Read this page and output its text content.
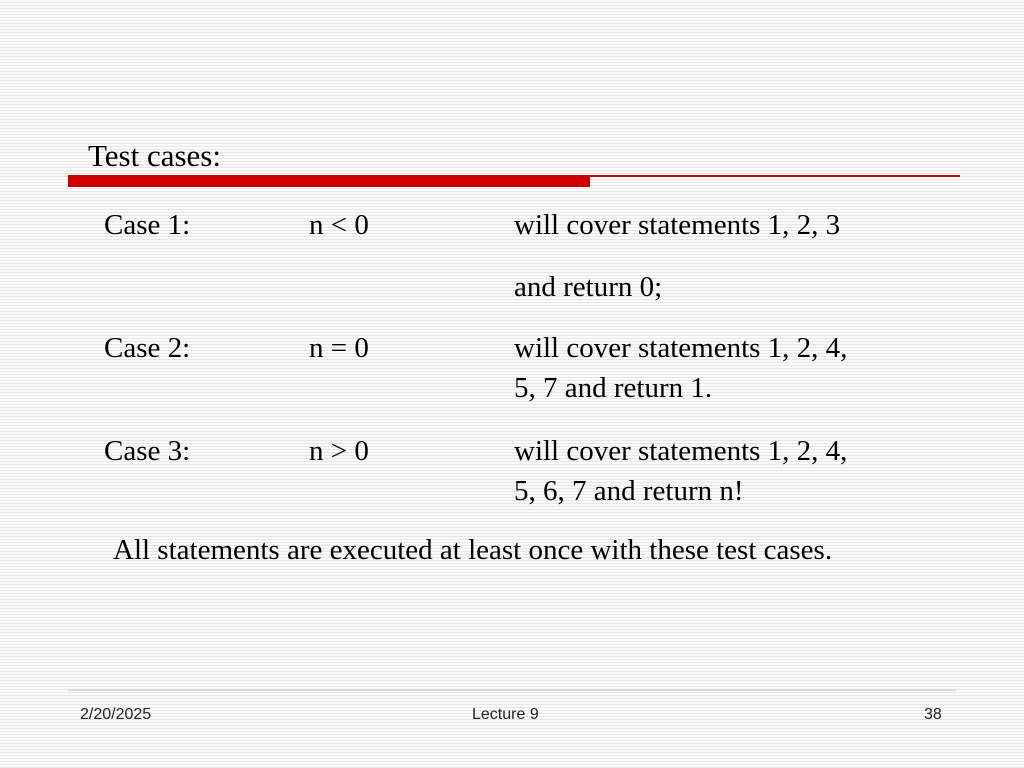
Test cases:
Case 1:	n < 0	will cover statements 1, 2, 3
and return 0;
Case 2:	n = 0	will cover statements 1, 2, 4,
5, 7 and return 1.
Case 3:	n > 0	will cover statements 1, 2, 4,
5, 6, 7 and return n!
All statements are executed at least once with these test cases.
2/20/2025	Lecture 9	38
